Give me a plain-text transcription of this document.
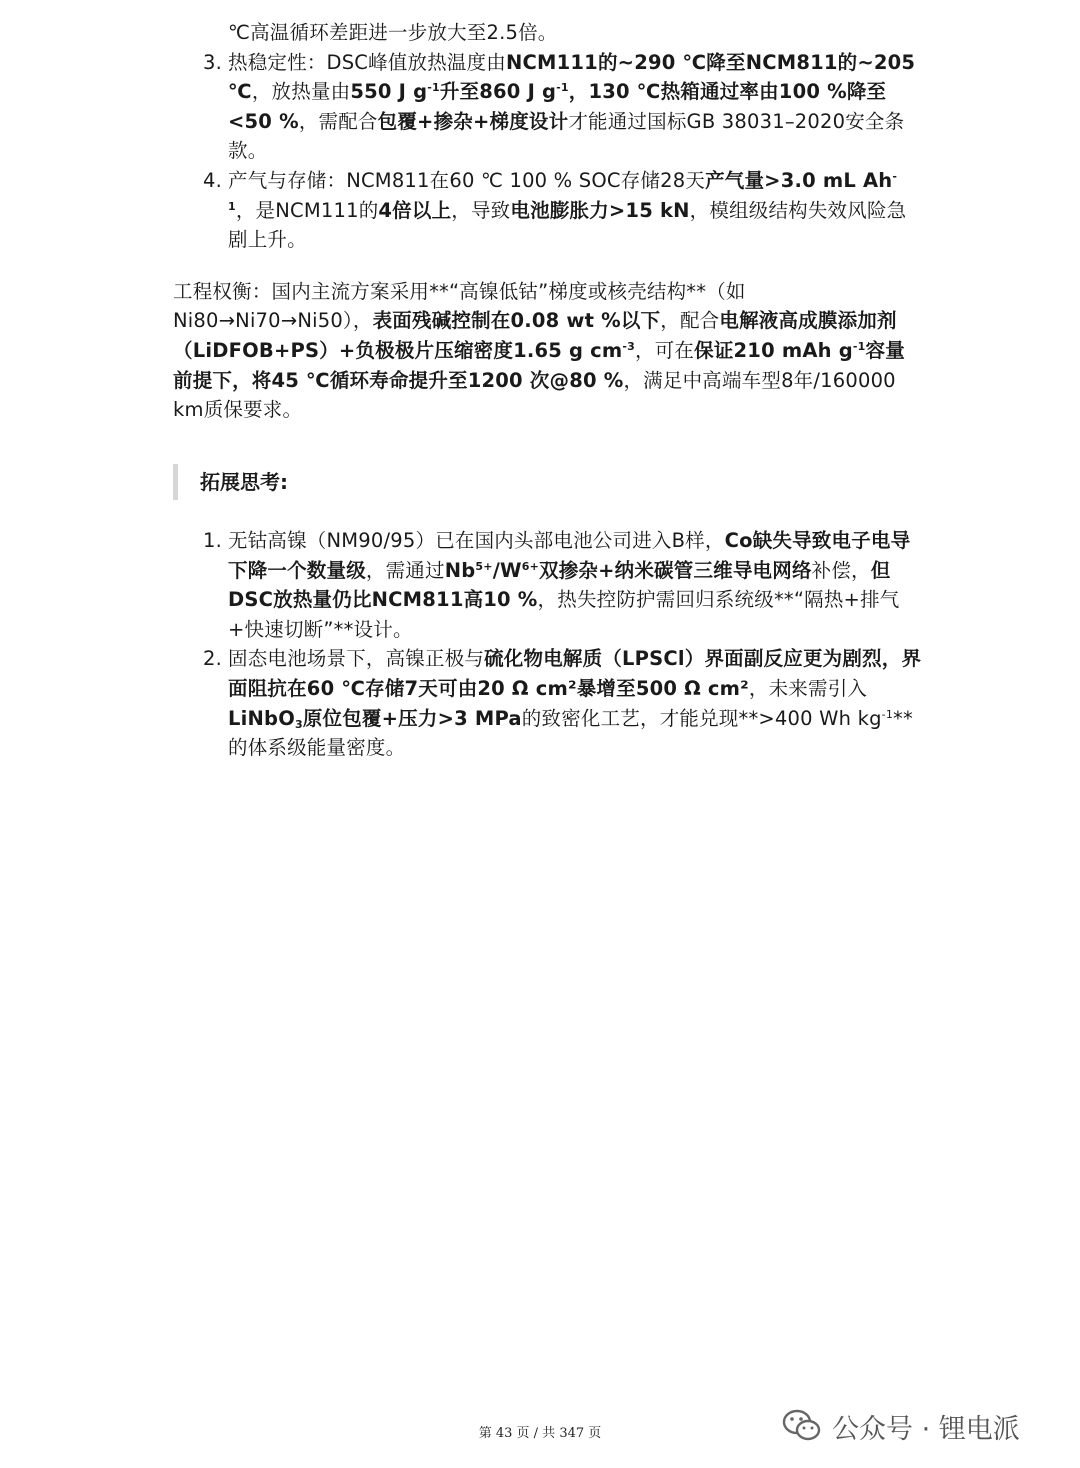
℃高温循环差距进一步放大至2.5倍。
3. 热稳定性：DSC峰值放热温度由NCM111的~290 ℃降至NCM811的~205 ℃，放热量由550 J $g^{-1}$升至860 J $g^{-1}$，130 ℃热箱通过率由100 %降至<50 %，需配合包覆+掺杂+梯度设计才能通过国标GB 38031–2020安全条款。
4. 产气与存储：NCM811在60 ℃ 100 % SOC存储28天产气量>3.0 mL $Ah^{-1}$，是NCM111的4倍以上，导致电池膨胀力>15 kN，模组级结构失效风险急剧上升。
工程权衡：国内主流方案采用**“高镍低钴”梯度或核壳结构**（如Ni80→Ni70→Ni50），表面残碱控制在0.08 wt %以下，配合电解液高成膜添加剂（LiDFOB+PS）+负极极片压缩密度1.65 g $cm^{-3}$，可在保证210 mAh $g^{-1}$容量前提下，将45 ℃循环寿命提升至1200 次@80 %，满足中高端车型8年/160000 km质保要求。
拓展思考:
1. 无钴高镍（NM90/95）已在国内头部电池公司进入B样，Co缺失导致电子电导下降一个数量级，需通过$Nb^{5+}/W^{6+}$双掺杂+纳米碳管三维导电网络补偿，但DSC放热量仍比NCM811高10 %，热失控防护需回归系统级**“隔热+排气+快速切断”**设计。
2. 固态电池场景下，高镍正极与硫化物电解质（LPSCl）界面副反应更为剧烈，界面阻抗在60 ℃存储7天可由20 Ω cm²暴增至500 Ω cm²，未来需引入LiNbO$_3$原位包覆+压力>3 MPa的致密化工艺，才能兑现**>400 Wh $kg^{-1}**$的体系级能量密度。
第 43 页 / 共 347 页	公众号 · 锂电派
